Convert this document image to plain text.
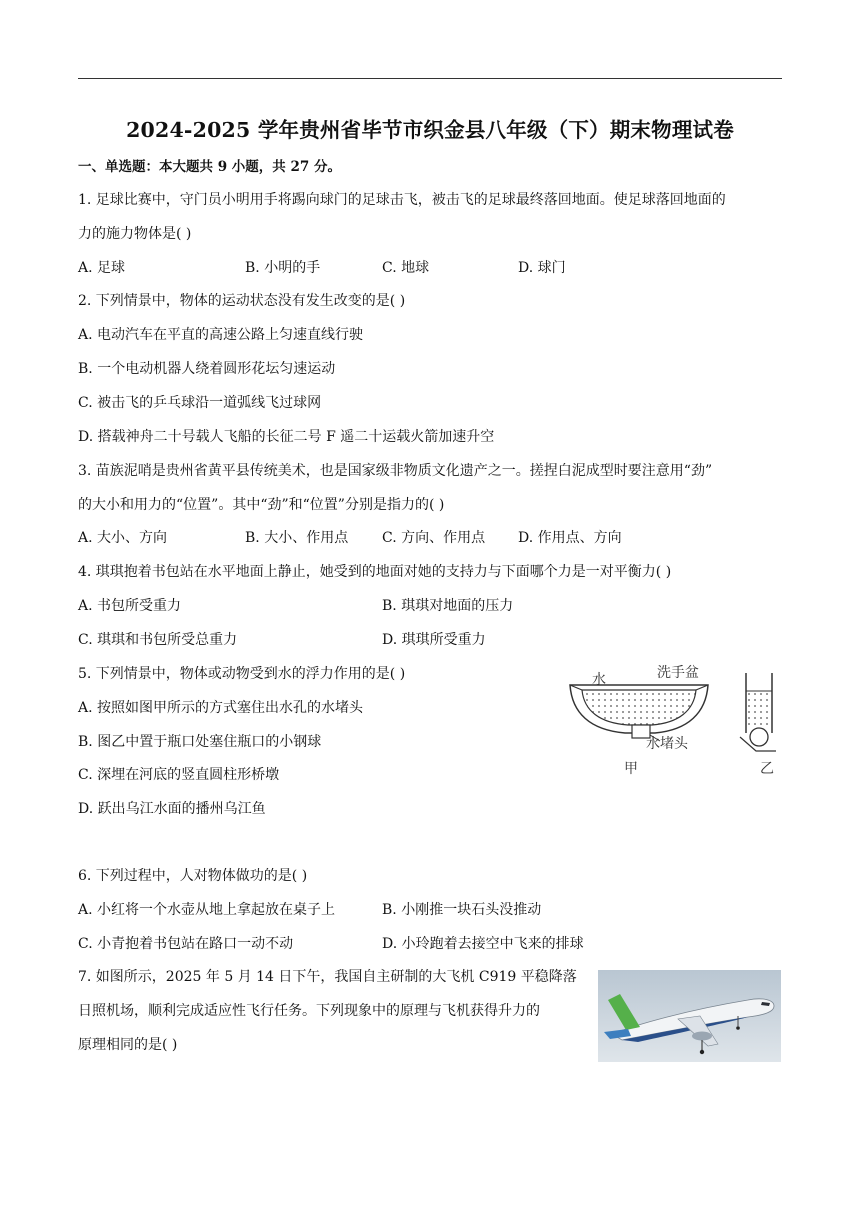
2024-2025 学年贵州省毕节市织金县八年级（下）期末物理试卷
一、单选题：本大题共 9 小题，共 27 分。
1. 足球比赛中，守门员小明用手将踢向球门的足球击飞，被击飞的足球最终落回地面。使足球落回地面的
力的施力物体是( )
A. 足球	B. 小明的手	C. 地球	D. 球门
2. 下列情景中，物体的运动状态没有发生改变的是( )
A. 电动汽车在平直的高速公路上匀速直线行驶
B. 一个电动机器人绕着圆形花坛匀速运动
C. 被击飞的乒乓球沿一道弧线飞过球网
D. 搭载神舟二十号载人飞船的长征二号 F 遥二十运载火箭加速升空
3. 苗族泥哨是贵州省黄平县传统美术，也是国家级非物质文化遗产之一。搓捏白泥成型时要注意用“劲”
的大小和用力的“位置”。其中“劲”和“位置”分别是指力的( )
A. 大小、方向	B. 大小、作用点 C. 方向、作用点 D. 作用点、方向
4. 琪琪抱着书包站在水平地面上静止，她受到的地面对她的支持力与下面哪个力是一对平衡力( )
A. 书包所受重力	B. 琪琪对地面的压力
C. 琪琪和书包所受总重力	D. 琪琪所受重力
5. 下列情景中，物体或动物受到水的浮力作用的是( )
A. 按照如图甲所示的方式塞住出水孔的水堵头
B. 图乙中置于瓶口处塞住瓶口的小钢球
C. 深埋在河底的竖直圆柱形桥墩
D. 跃出乌江水面的播州乌江鱼
水	洗手盆
水堵头
甲	乙
6. 下列过程中，人对物体做功的是( )
A. 小红将一个水壶从地上拿起放在桌子上	B. 小刚推一块石头没推动
C. 小青抱着书包站在路口一动不动	D. 小玲跑着去接空中飞来的排球
7. 如图所示，2025 年 5 月 14 日下午，我国自主研制的大飞机 C919 平稳降落
日照机场，顺利完成适应性飞行任务。下列现象中的原理与飞机获得升力的
原理相同的是( )
